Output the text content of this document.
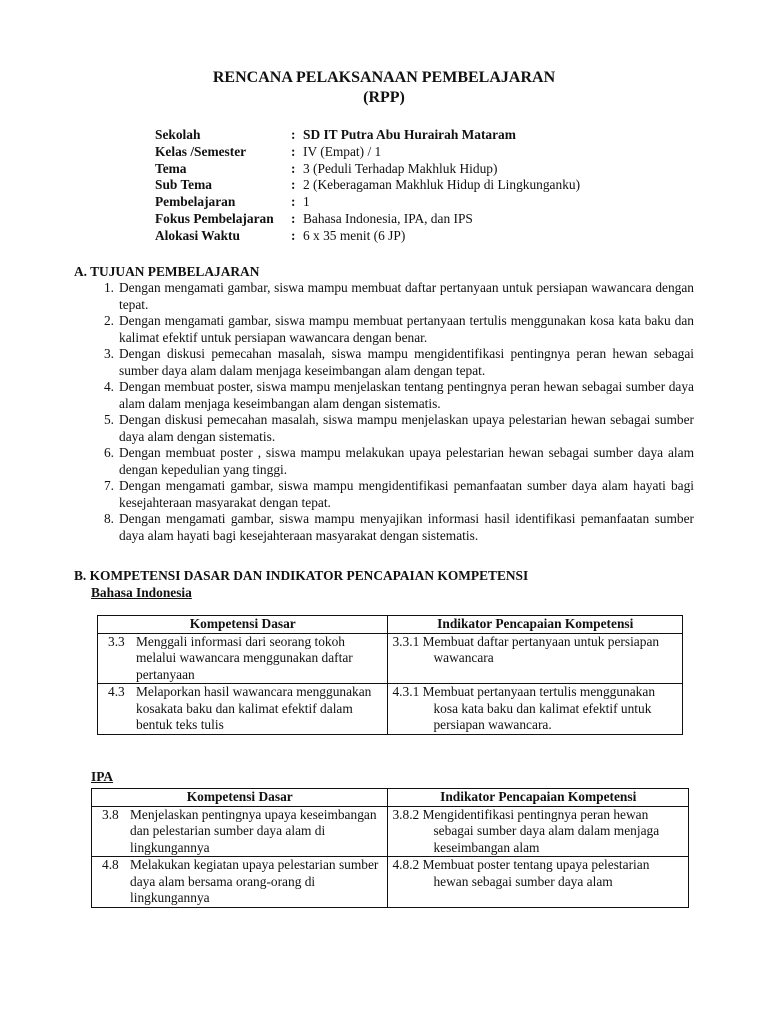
RENCANA PELAKSANAAN PEMBELAJARAN
(RPP)
Sekolah	:	SD IT Putra Abu Hurairah Mataram
Kelas /Semester	:	IV (Empat) / 1
Tema	:	3 (Peduli Terhadap Makhluk Hidup)
Sub Tema	:	2 (Keberagaman Makhluk Hidup di Lingkunganku)
Pembelajaran	:	1
Fokus Pembelajaran	:	Bahasa Indonesia, IPA, dan IPS
Alokasi Waktu	:	6 x 35 menit (6 JP)
A. TUJUAN PEMBELAJARAN
1. Dengan mengamati gambar, siswa mampu membuat daftar pertanyaan untuk persiapan wawancara dengan tepat.
2. Dengan mengamati gambar, siswa mampu membuat pertanyaan tertulis menggunakan kosa kata baku dan kalimat efektif untuk persiapan wawancara dengan benar.
3. Dengan diskusi pemecahan masalah, siswa mampu mengidentifikasi pentingnya peran hewan sebagai sumber daya alam dalam menjaga keseimbangan alam dengan tepat.
4. Dengan membuat poster, siswa mampu menjelaskan tentang pentingnya peran hewan sebagai sumber daya alam dalam menjaga keseimbangan alam dengan sistematis.
5. Dengan diskusi pemecahan masalah, siswa mampu menjelaskan upaya pelestarian hewan sebagai sumber daya alam dengan sistematis.
6. Dengan membuat poster , siswa mampu melakukan upaya pelestarian hewan sebagai sumber daya alam dengan kepedulian yang tinggi.
7. Dengan mengamati gambar, siswa mampu mengidentifikasi pemanfaatan sumber daya alam hayati bagi kesejahteraan masyarakat dengan tepat.
8. Dengan mengamati gambar, siswa mampu menyajikan informasi hasil identifikasi pemanfaatan sumber daya alam hayati bagi kesejahteraan masyarakat dengan sistematis.
B. KOMPETENSI DASAR DAN INDIKATOR PENCAPAIAN KOMPETENSI
Bahasa Indonesia
Kompetensi Dasar	Indikator Pencapaian Kompetensi

3.3 Menggali informasi dari seorang tokoh melalui wawancara menggunakan daftar pertanyaan	3.3.1 Membuat daftar pertanyaan untuk persiapan wawancara

4.3 Melaporkan hasil wawancara menggunakan kosakata baku dan kalimat efektif dalam bentuk teks tulis	4.3.1 Membuat pertanyaan tertulis menggunakan kosa kata baku dan kalimat efektif untuk persiapan wawancara.
IPA
Kompetensi Dasar	Indikator Pencapaian Kompetensi

3.8 Menjelaskan pentingnya upaya keseimbangan dan pelestarian sumber daya alam di lingkungannya	3.8.2 Mengidentifikasi pentingnya peran hewan sebagai sumber daya alam dalam menjaga keseimbangan alam

4.8 Melakukan kegiatan upaya pelestarian sumber daya alam bersama orang-orang di lingkungannya	4.8.2 Membuat poster tentang upaya pelestarian hewan sebagai sumber daya alam
